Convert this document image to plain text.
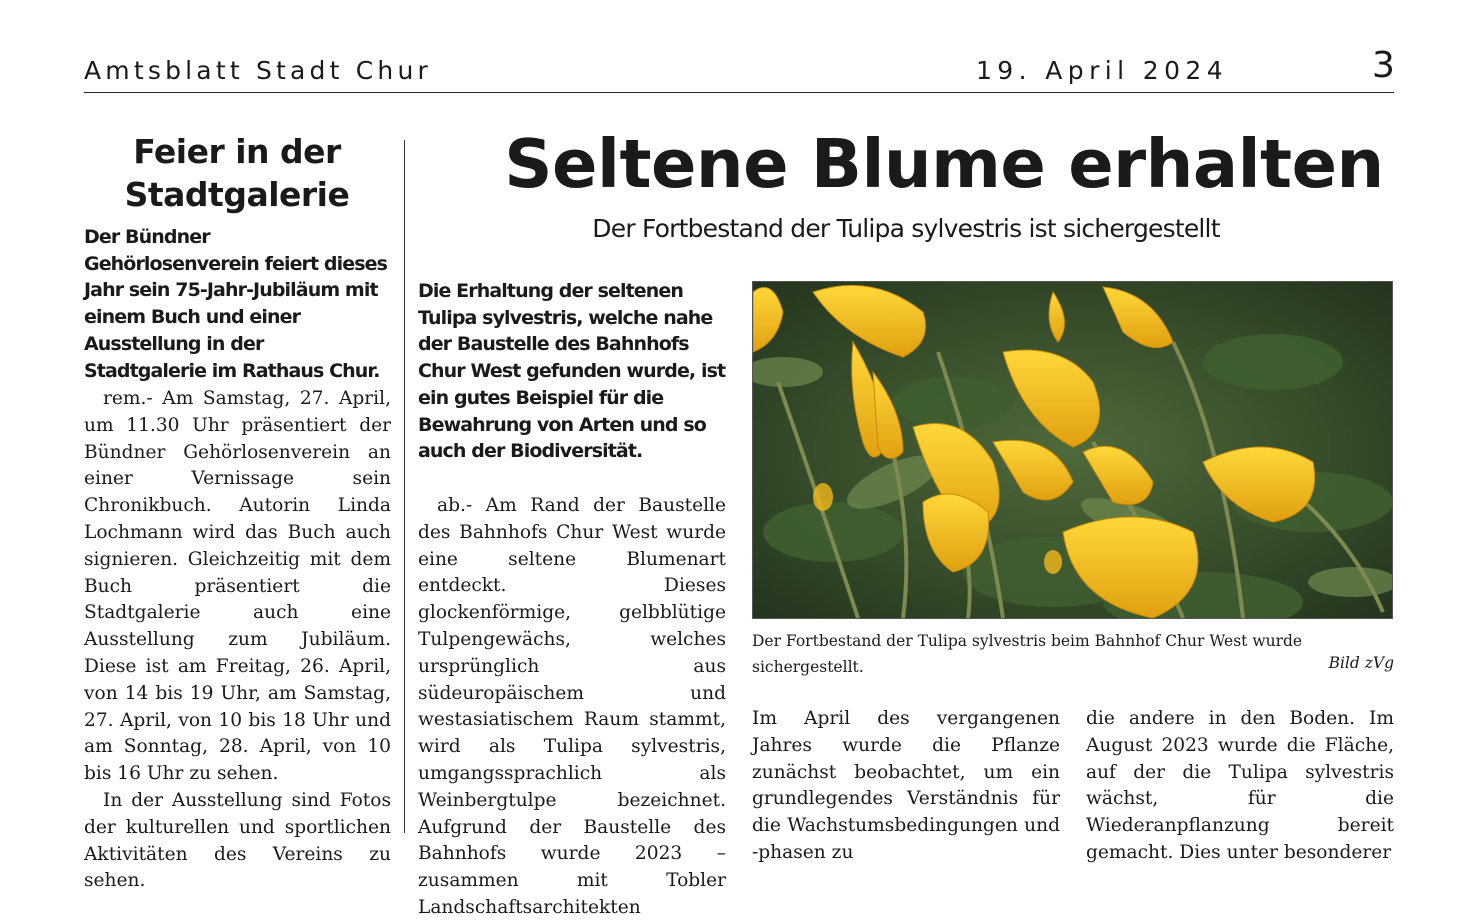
Amtsblatt Stadt Chur	19. April 2024	3
Feier in der
Stadtgalerie

Der Bündner Gehörlosenverein feiert dieses Jahr sein 75-Jahr-Jubiläum mit einem Buch und einer Ausstellung in der Stadtgalerie im Rathaus Chur.

rem.- Am Samstag, 27. April, um 11.30 Uhr präsentiert der Bündner Gehörlosenverein an einer Vernissage sein Chronikbuch. Autorin Linda Lochmann wird das Buch auch signieren. Gleichzeitig mit dem Buch präsentiert die Stadtgalerie auch eine Ausstellung zum Jubiläum. Diese ist am Freitag, 26. April, von 14 bis 19 Uhr, am Samstag, 27. April, von 10 bis 18 Uhr und am Sonntag, 28. April, von 10 bis 16 Uhr zu sehen.

In der Ausstellung sind Fotos der kulturellen und sportlichen Aktivitäten des Vereins zu sehen.

Seltene Blume erhalten

Der Fortbestand der Tulipa sylvestris ist sichergestellt

Die Erhaltung der seltenen Tulipa sylvestris, welche nahe der Baustelle des Bahnhofs Chur West gefunden wurde, ist ein gutes Beispiel für die Bewahrung von Arten und so auch der Biodiversität.

ab.- Am Rand der Baustelle des Bahnhofs Chur West wurde eine seltene Blumenart entdeckt. Dieses glockenförmige, gelbblütige Tulpengewächs, welches ursprünglich aus südeuropäischem und westasiatischem Raum stammt, wird als Tulipa sylvestris, umgangssprachlich als Weinbergtulpe bezeichnet. Aufgrund der Baustelle des Bahnhofs wurde 2023 – zusammen mit Tobler Landschaftsarchitekten

Der Fortbestand der Tulipa sylvestris beim Bahnhof Chur West wurde sichergestellt.	Bild zVg

Im April des vergangenen Jahres wurde die Pflanze zunächst beobachtet, um ein grundlegendes Verständnis für die Wachstumsbedingungen und -phasen zu

die andere in den Boden. Im August 2023 wurde die Fläche, auf der die Tulipa sylvestris wächst, für die Wiederanpflanzung bereit gemacht. Dies unter besonderer
